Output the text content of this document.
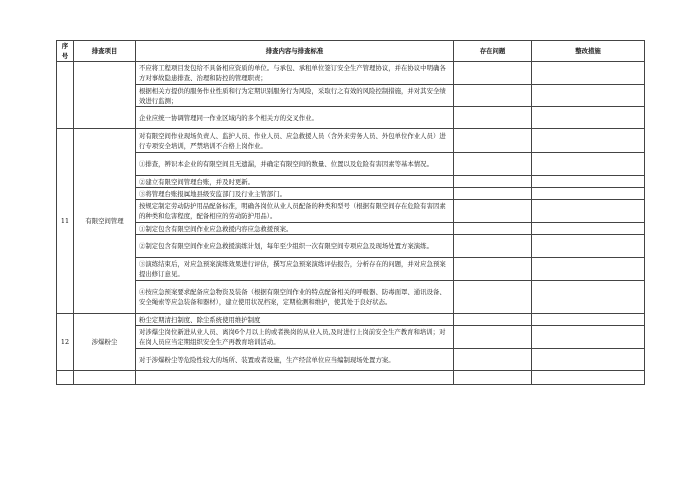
序
号	排查项目	排查内容与排查标准	存在问题	整改措施
		不应将工程项目发包给不具备相应资质的单位。与承包、承租单位签订安全生产管理协议，并在协议中明确各方对事故隐患排查、治理和防控的管理职责；		
		根据相关方提供的服务作业性质和行为定期识别服务行为风险，采取行之有效的风险控制措施，并对其安全绩效进行监测；		
		企业应统一协调管理同一作业区域内的多个相关方的交叉作业。		
11	有限空间管理	对有限空间作业现场负责人、监护人员、作业人员、应急救援人员（含外来劳务人员、外包单位作业人员）进行专项安全培训，严禁培训不合格上岗作业。		
		①排查，辨识本企业的有限空间且无遗漏，并确定有限空间的数量、位置以及危险有害因素等基本情况。		
		②建立有限空间管理台账，并及时更新。		
		③将管理台账报属地县级安监部门及行业主管部门。		
		按规定制定劳动防护用品配备标准，明确各岗位从业人员配备的种类和型号（根据有限空间存在危险有害因素的种类和危害程度，配备相应的劳动防护用品）。		
		①制定包含有限空间作业应急救援内容应急救援预案。		
		②制定包含有限空间作业应急救援演练计划，每年至少组织一次有限空间专项应急及现场处置方案演练。		
		③演练结束后，对应急预案演练效果进行评估，撰写应急预案演练评估报告，分析存在的问题，并对应急预案提出修订意见。		
		④按应急预案要求配备应急物资及装备（根据有限空间作业的特点配备相关的呼吸器、防毒面罩、通讯设备、安全绳索等应急装备和器材），建立使用状况档案，定期检测和维护，使其处于良好状态。		
12	涉爆粉尘	粉尘定期清扫制度、除尘系统使用维护制度		
		对涉爆尘岗位新进从业人员、离岗6个月以上的或者换岗的从业人员,及时进行上岗前安全生产教育和培训；对在岗人员应当定期组织安全生产再教育培训活动。		
		对于涉爆粉尘等危险性较大的场所、装置或者设施，生产经营单位应当编制现场处置方案。		
